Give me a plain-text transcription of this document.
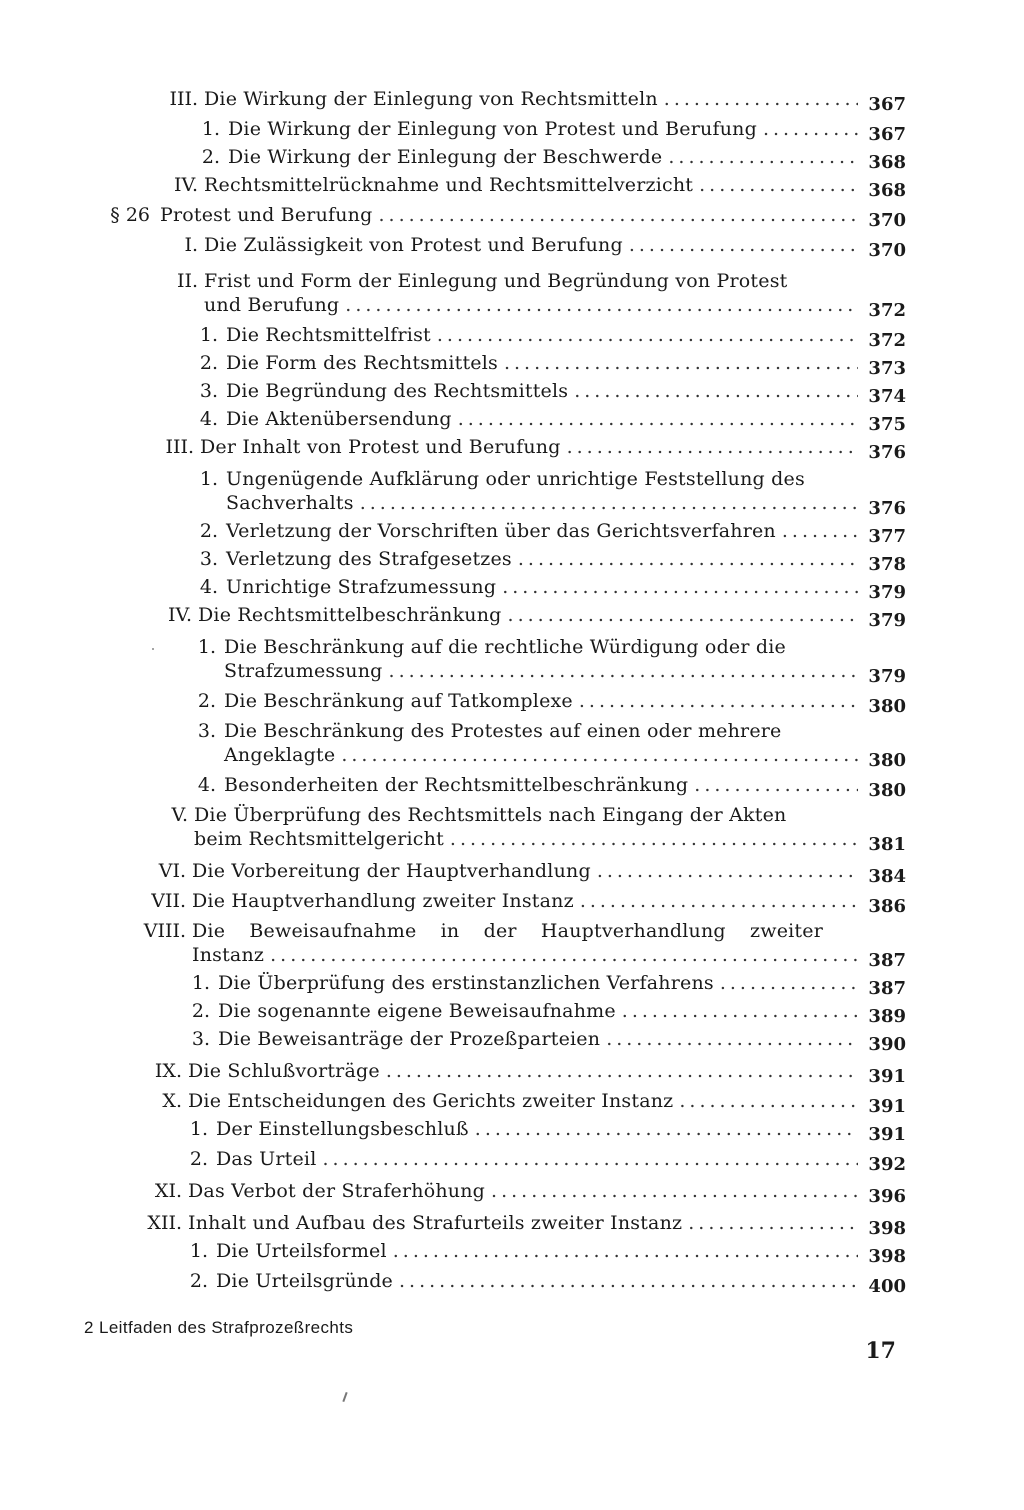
III. Die Wirkung der Einlegung von Rechtsmitteln .....	367
1. Die Wirkung der Einlegung von Protest und Berufung .....	367
2. Die Wirkung der Einlegung der Beschwerde .....	368
IV. Rechtsmittelrücknahme und Rechtsmittelverzicht .....	368
§ 26 Protest und Berufung .....	370
I. Die Zulässigkeit von Protest und Berufung .....	370
II. Frist und Form der Einlegung und Begründung von Protest
und Berufung .....	372
1. Die Rechtsmittelfrist .....	372
2. Die Form des Rechtsmittels .....	373
3. Die Begründung des Rechtsmittels .....	374
4. Die Aktenübersendung .....	375
III. Der Inhalt von Protest und Berufung .....	376
1. Ungenügende Aufklärung oder unrichtige Feststellung des
Sachverhalts .....	376
2. Verletzung der Vorschriften über das Gerichtsverfahren .....	377
3. Verletzung des Strafgesetzes .....	378
4. Unrichtige Strafzumessung .....	379
IV. Die Rechtsmittelbeschränkung .....	379
1. Die Beschränkung auf die rechtliche Würdigung oder die
Strafzumessung .....	379
2. Die Beschränkung auf Tatkomplexe .....	380
3. Die Beschränkung des Protestes auf einen oder mehrere
Angeklagte .....	380
4. Besonderheiten der Rechtsmittelbeschränkung .....	380
V. Die Überprüfung des Rechtsmittels nach Eingang der Akten
beim Rechtsmittelgericht .....	381
VI. Die Vorbereitung der Hauptverhandlung .....	384
VII. Die Hauptverhandlung zweiter Instanz .....	386
VIII. Die Beweisaufnahme in der Hauptverhandlung zweiter
Instanz .....	387
1. Die Überprüfung des erstinstanzlichen Verfahrens .....	387
2. Die sogenannte eigene Beweisaufnahme .....	389
3. Die Beweisanträge der Prozeßparteien .....	390
IX. Die Schlußvorträge .....	391
X. Die Entscheidungen des Gerichts zweiter Instanz .....	391
1. Der Einstellungsbeschluß .....	391
2. Das Urteil .....	392
XI. Das Verbot der Straferhöhung .....	396
XII. Inhalt und Aufbau des Strafurteils zweiter Instanz .....	398
1. Die Urteilsformel .....	398
2. Die Urteilsgründe .....	400
2 Leitfaden des Strafprozeßrechts
17
